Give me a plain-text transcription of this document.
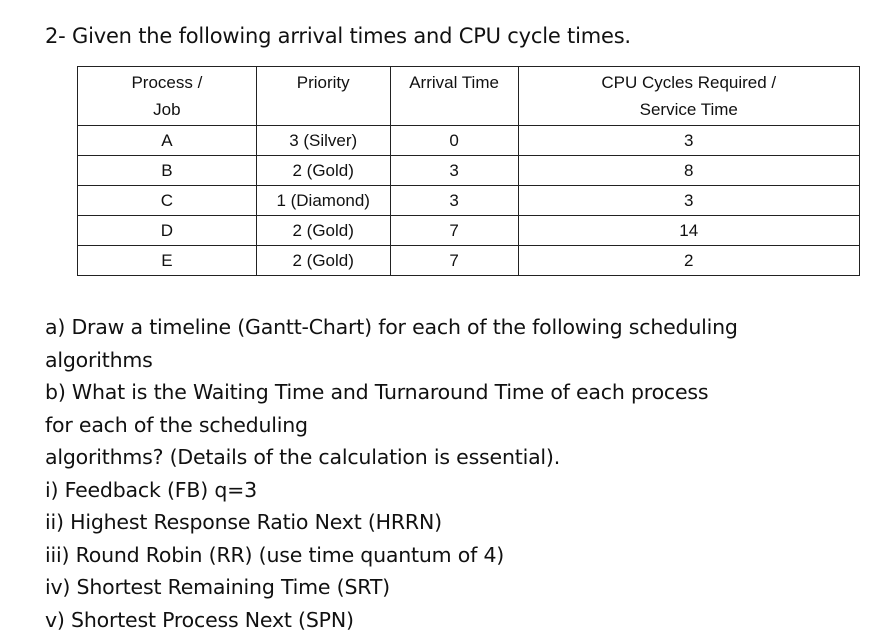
2- Given the following arrival times and CPU cycle times.
Process /
Job	Priority	Arrival Time	CPU Cycles Required /
Service Time
A	3 (Silver)	0	3
B	2 (Gold)	3	8
C	1 (Diamond)	3	3
D	2 (Gold)	7	14
E	2 (Gold)	7	2
a) Draw a timeline (Gantt-Chart) for each of the following scheduling
algorithms
b) What is the Waiting Time and Turnaround Time of each process
for each of the scheduling
algorithms? (Details of the calculation is essential).
i) Feedback (FB) q=3
ii) Highest Response Ratio Next (HRRN)
iii) Round Robin (RR) (use time quantum of 4)
iv) Shortest Remaining Time (SRT)
v) Shortest Process Next (SPN)
